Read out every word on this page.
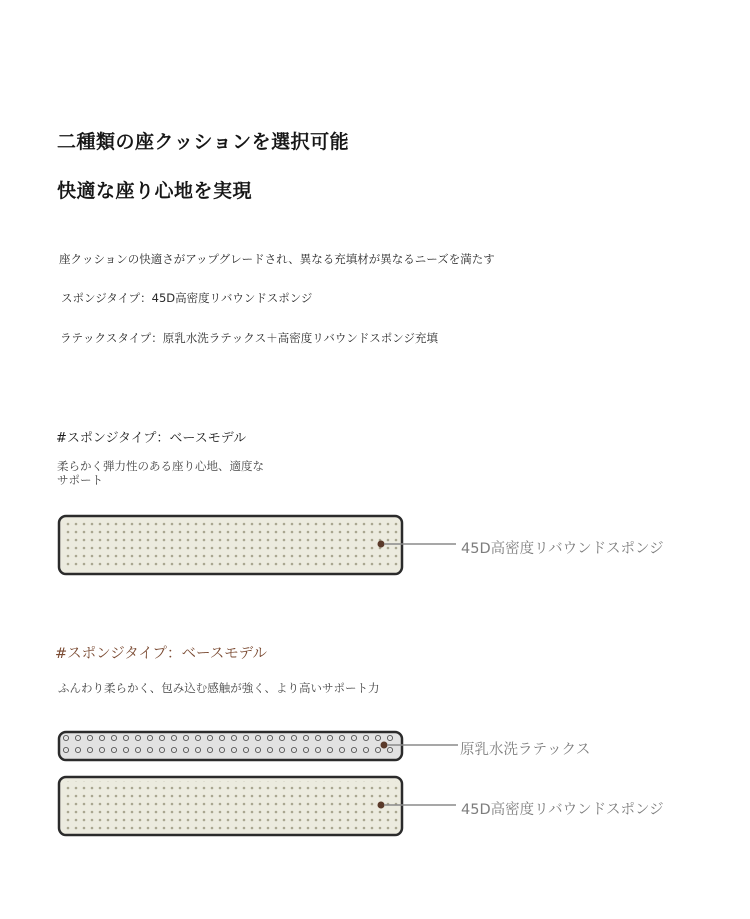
二種類の座クッションを選択可能
快適な座り心地を実現
座クッションの快適さがアップグレードされ、異なる充填材が異なるニーズを満たす
スポンジタイプ：45D高密度リバウンドスポンジ
ラテックスタイプ：原乳水洗ラテックス＋高密度リバウンドスポンジ充填
#スポンジタイプ：ベースモデル
柔らかく弾力性のある座り心地、適度な
サポート
#スポンジタイプ：ベースモデル
ふんわり柔らかく、包み込む感触が強く、より高いサポート力
45D高密度リバウンドスポンジ
原乳水洗ラテックス
45D高密度リバウンドスポンジ
